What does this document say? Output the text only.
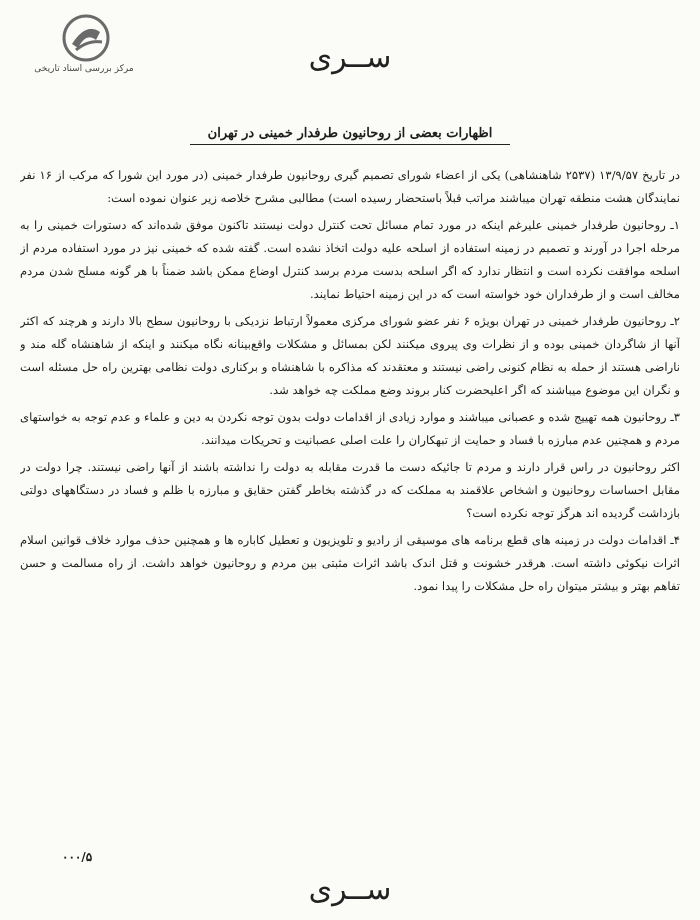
مرکز بررسی اسناد تاریخی	ســری
اظهارات بعضی از روحانیون طرفدار خمینی در تهران

در تاریخ ۱۳/۹/۵۷ (۲۵۳۷ شاهنشاهی) یکی از اعضاء شورای تصمیم گیری روحانیون طرفدار خمینی (در مورد این شورا که مرکب از ۱۶ نفر نمایندگان هشت منطقه تهران میباشند مراتب قبلاً باستحضار رسیده است) مطالبی مشرح خلاصه زیر عنوان نموده است:

۱ـ روحانیون طرفدار خمینی علیرغم اینکه در مورد تمام مسائل تحت کنترل دولت نیستند تاکنون موفق شده‌اند که دستورات خمینی را به مرحله اجرا در آورند و تصمیم در زمینه استفاده از اسلحه علیه دولت اتخاذ نشده است. گفته شده که خمینی نیز در مورد استفاده مردم از اسلحه موافقت نکرده است و انتظار ندارد که اگر اسلحه بدست مردم برسد کنترل اوضاع ممکن باشد ضمناً با هر گونه مسلح شدن مردم مخالف است و از طرفداران خود خواسته است که در این زمینه احتیاط نمایند.

۲ـ روحانیون طرفدار خمینی در تهران بویژه ۶ نفر عضو شورای مرکزی معمولاً ارتباط نزدیکی با روحانیون سطح بالا دارند و هرچند که اکثر آنها از شاگردان خمینی بوده و از نظرات وی پیروی میکنند لکن بمسائل و مشکلات واقع‌بینانه نگاه میکنند و اینکه از شاهنشاه گله مند و ناراضی هستند از حمله به نظام کنونی راضی نیستند و معتقدند که مذاکره با شاهنشاه و برکناری دولت نظامی بهترین راه حل مسئله است و نگران این موضوع میباشند که اگر اعلیحضرت کنار بروند وضع مملکت چه خواهد شد.

۳ـ روحانیون همه تهییج شده و عصبانی میباشند و موارد زیادی از اقدامات دولت بدون توجه نکردن به دین و علماء و عدم توجه به خواستهای مردم و همچنین عدم مبارزه با فساد و حمایت از تبهکاران را علت اصلی عصبانیت و تحریکات میدانند.

اکثر روحانیون در راس قرار دارند و مردم تا جائیکه دست ما قدرت مقابله به دولت را نداشته باشند از آنها راضی نیستند. چرا دولت در مقابل احساسات روحانیون و اشخاص علاقمند به مملکت که در گذشته بخاطر گفتن حقایق و مبارزه با ظلم و فساد در دستگاههای دولتی بازداشت گردیده اند هرگز توجه نکرده است؟

۴ـ اقدامات دولت در زمینه های قطع برنامه های موسیقی از رادیو و تلویزیون و تعطیل کاباره ها و همچنین حذف موارد خلاف قوانین اسلام اثرات نیکوئی داشته است. هرقدر خشونت و قتل اندک باشد اثرات مثبتی بین مردم و روحانیون خواهد داشت. از راه مسالمت و حسن تفاهم بهتر و بیشتر میتوان راه حل مشکلات را پیدا نمود.

۰۰۰/۵
ســری
